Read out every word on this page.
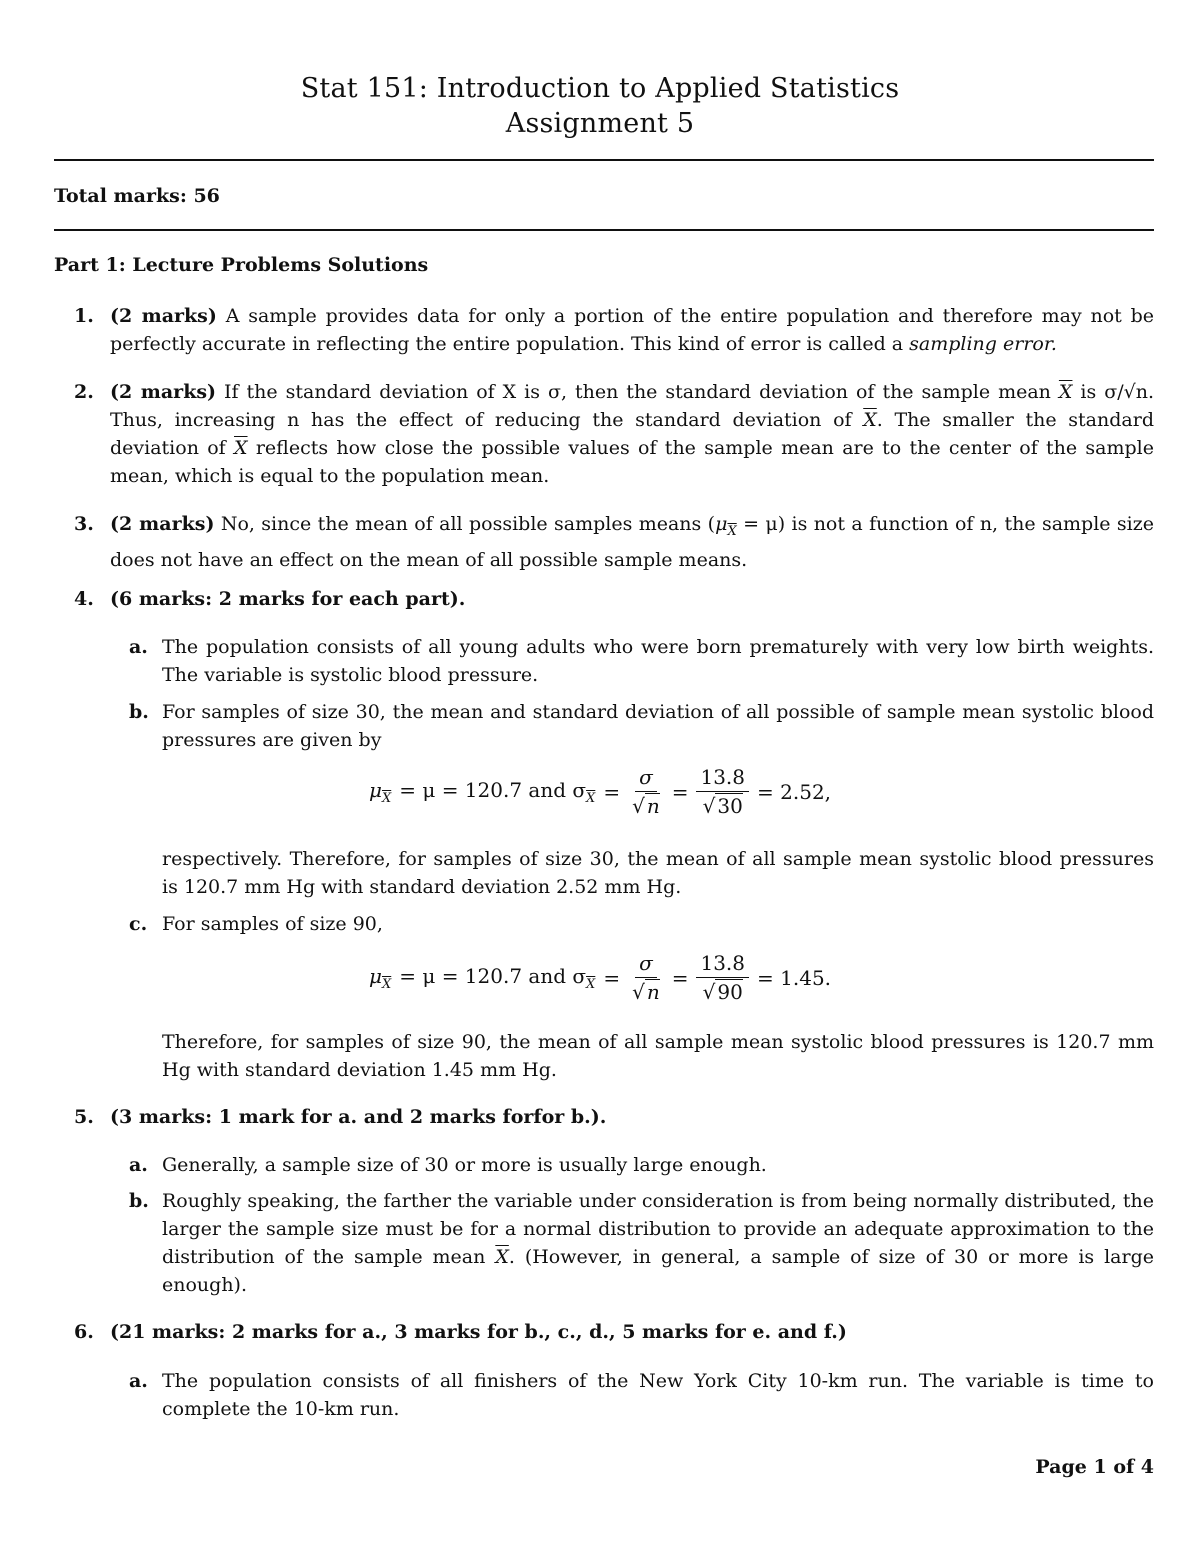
Stat 151: Introduction to Applied Statistics
Assignment 5
Total marks: 56
Part 1: Lecture Problems Solutions
1. (2 marks) A sample provides data for only a portion of the entire population and therefore may not be perfectly accurate in reflecting the entire population. This kind of error is called a sampling error.
2. (2 marks) If the standard deviation of X is σ, then the standard deviation of the sample mean $\overline{X}$ is σ/√n. Thus, increasing n has the effect of reducing the standard deviation of $\overline{X}$. The smaller the standard deviation of $\overline{X}$ reflects how close the possible values of the sample mean are to the center of the sample mean, which is equal to the population mean.
3. (2 marks) No, since the mean of all possible samples means $(\mu_{\overline{X}} = \mu)$ is not a function of n, the sample size does not have an effect on the mean of all possible sample means.
4. (6 marks: 2 marks for each part).
a. The population consists of all young adults who were born prematurely with very low birth weights. The variable is systolic blood pressure.
b. For samples of size 30, the mean and standard deviation of all possible of sample mean systolic blood pressures are given by
$\mu_{\overline{X}} = \mu = 120.7$ and $\sigma_{\overline{X}} = \frac{\sigma}{√ n} = \frac{13.8}{√ 30} = 2.52$,
respectively. Therefore, for samples of size 30, the mean of all sample mean systolic blood pressures is 120.7 mm Hg with standard deviation 2.52 mm Hg.
c. For samples of size 90,
$\mu_{\overline{X}} = \mu = 120.7$ and $\sigma_{\overline{X}} = \frac{\sigma}{√ n} = \frac{13.8}{√ 90} = 1.45$.
Therefore, for samples of size 90, the mean of all sample mean systolic blood pressures is 120.7 mm Hg with standard deviation 1.45 mm Hg.
5. (3 marks: 1 mark for a. and 2 marks forfor b.).
a. Generally, a sample size of 30 or more is usually large enough.
b. Roughly speaking, the farther the variable under consideration is from being normally distributed, the larger the sample size must be for a normal distribution to provide an adequate approximation to the distribution of the sample mean $\overline{X}$. (However, in general, a sample of size of 30 or more is large enough).
6. (21 marks: 2 marks for a., 3 marks for b., c., d., 5 marks for e. and f.)
a. The population consists of all finishers of the New York City 10-km run. The variable is time to complete the 10-km run.
Page 1 of 4
